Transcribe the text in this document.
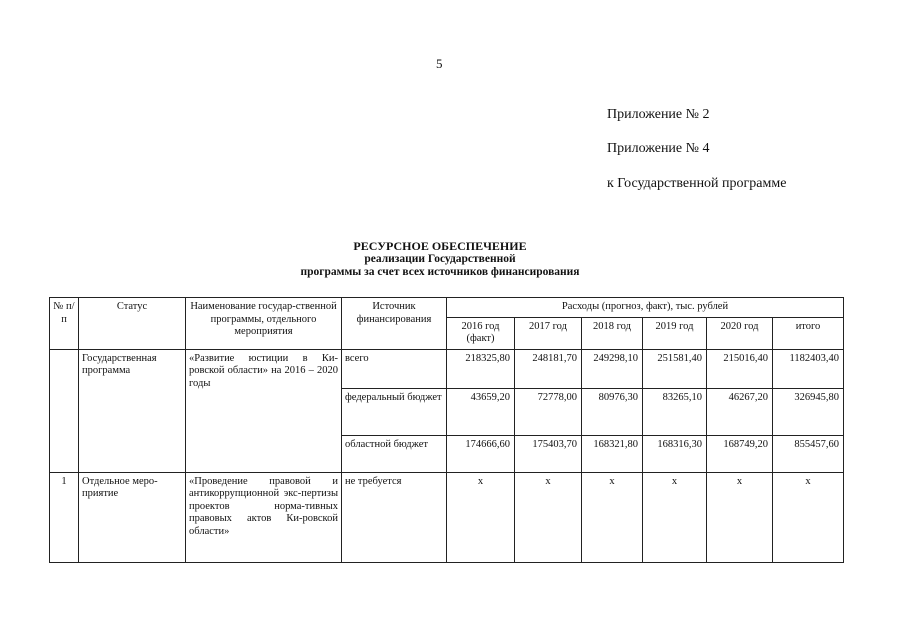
5
Приложение № 2
Приложение № 4
к Государственной программе
РЕСУРСНОЕ ОБЕСПЕЧЕНИЕ
реализации Государственной
программы за счет всех источников финансирования
№ п/п	Статус	Наименование государ-ственной программы, отдельного мероприятия	Источник финансирования	Расходы (прогноз, факт), тыс. рублей					
				2016 год (факт)	2017 год	2018 год	2019 год	2020 год	итого
	Государственная программа	«Развитие юстиции в Ки-ровской области» на 2016 – 2020 годы	всего	218325,80	248181,70	249298,10	251581,40	215016,40	1182403,40
			федеральный бюджет	43659,20	72778,00	80976,30	83265,10	46267,20	326945,80
			областной бюджет	174666,60	175403,70	168321,80	168316,30	168749,20	855457,60
1	Отдельное меро-приятие	«Проведение правовой и антикоррупционной экс-пертизы проектов норма-тивных правовых актов Ки-ровской области»	не требуется	x	x	x	x	x	x
